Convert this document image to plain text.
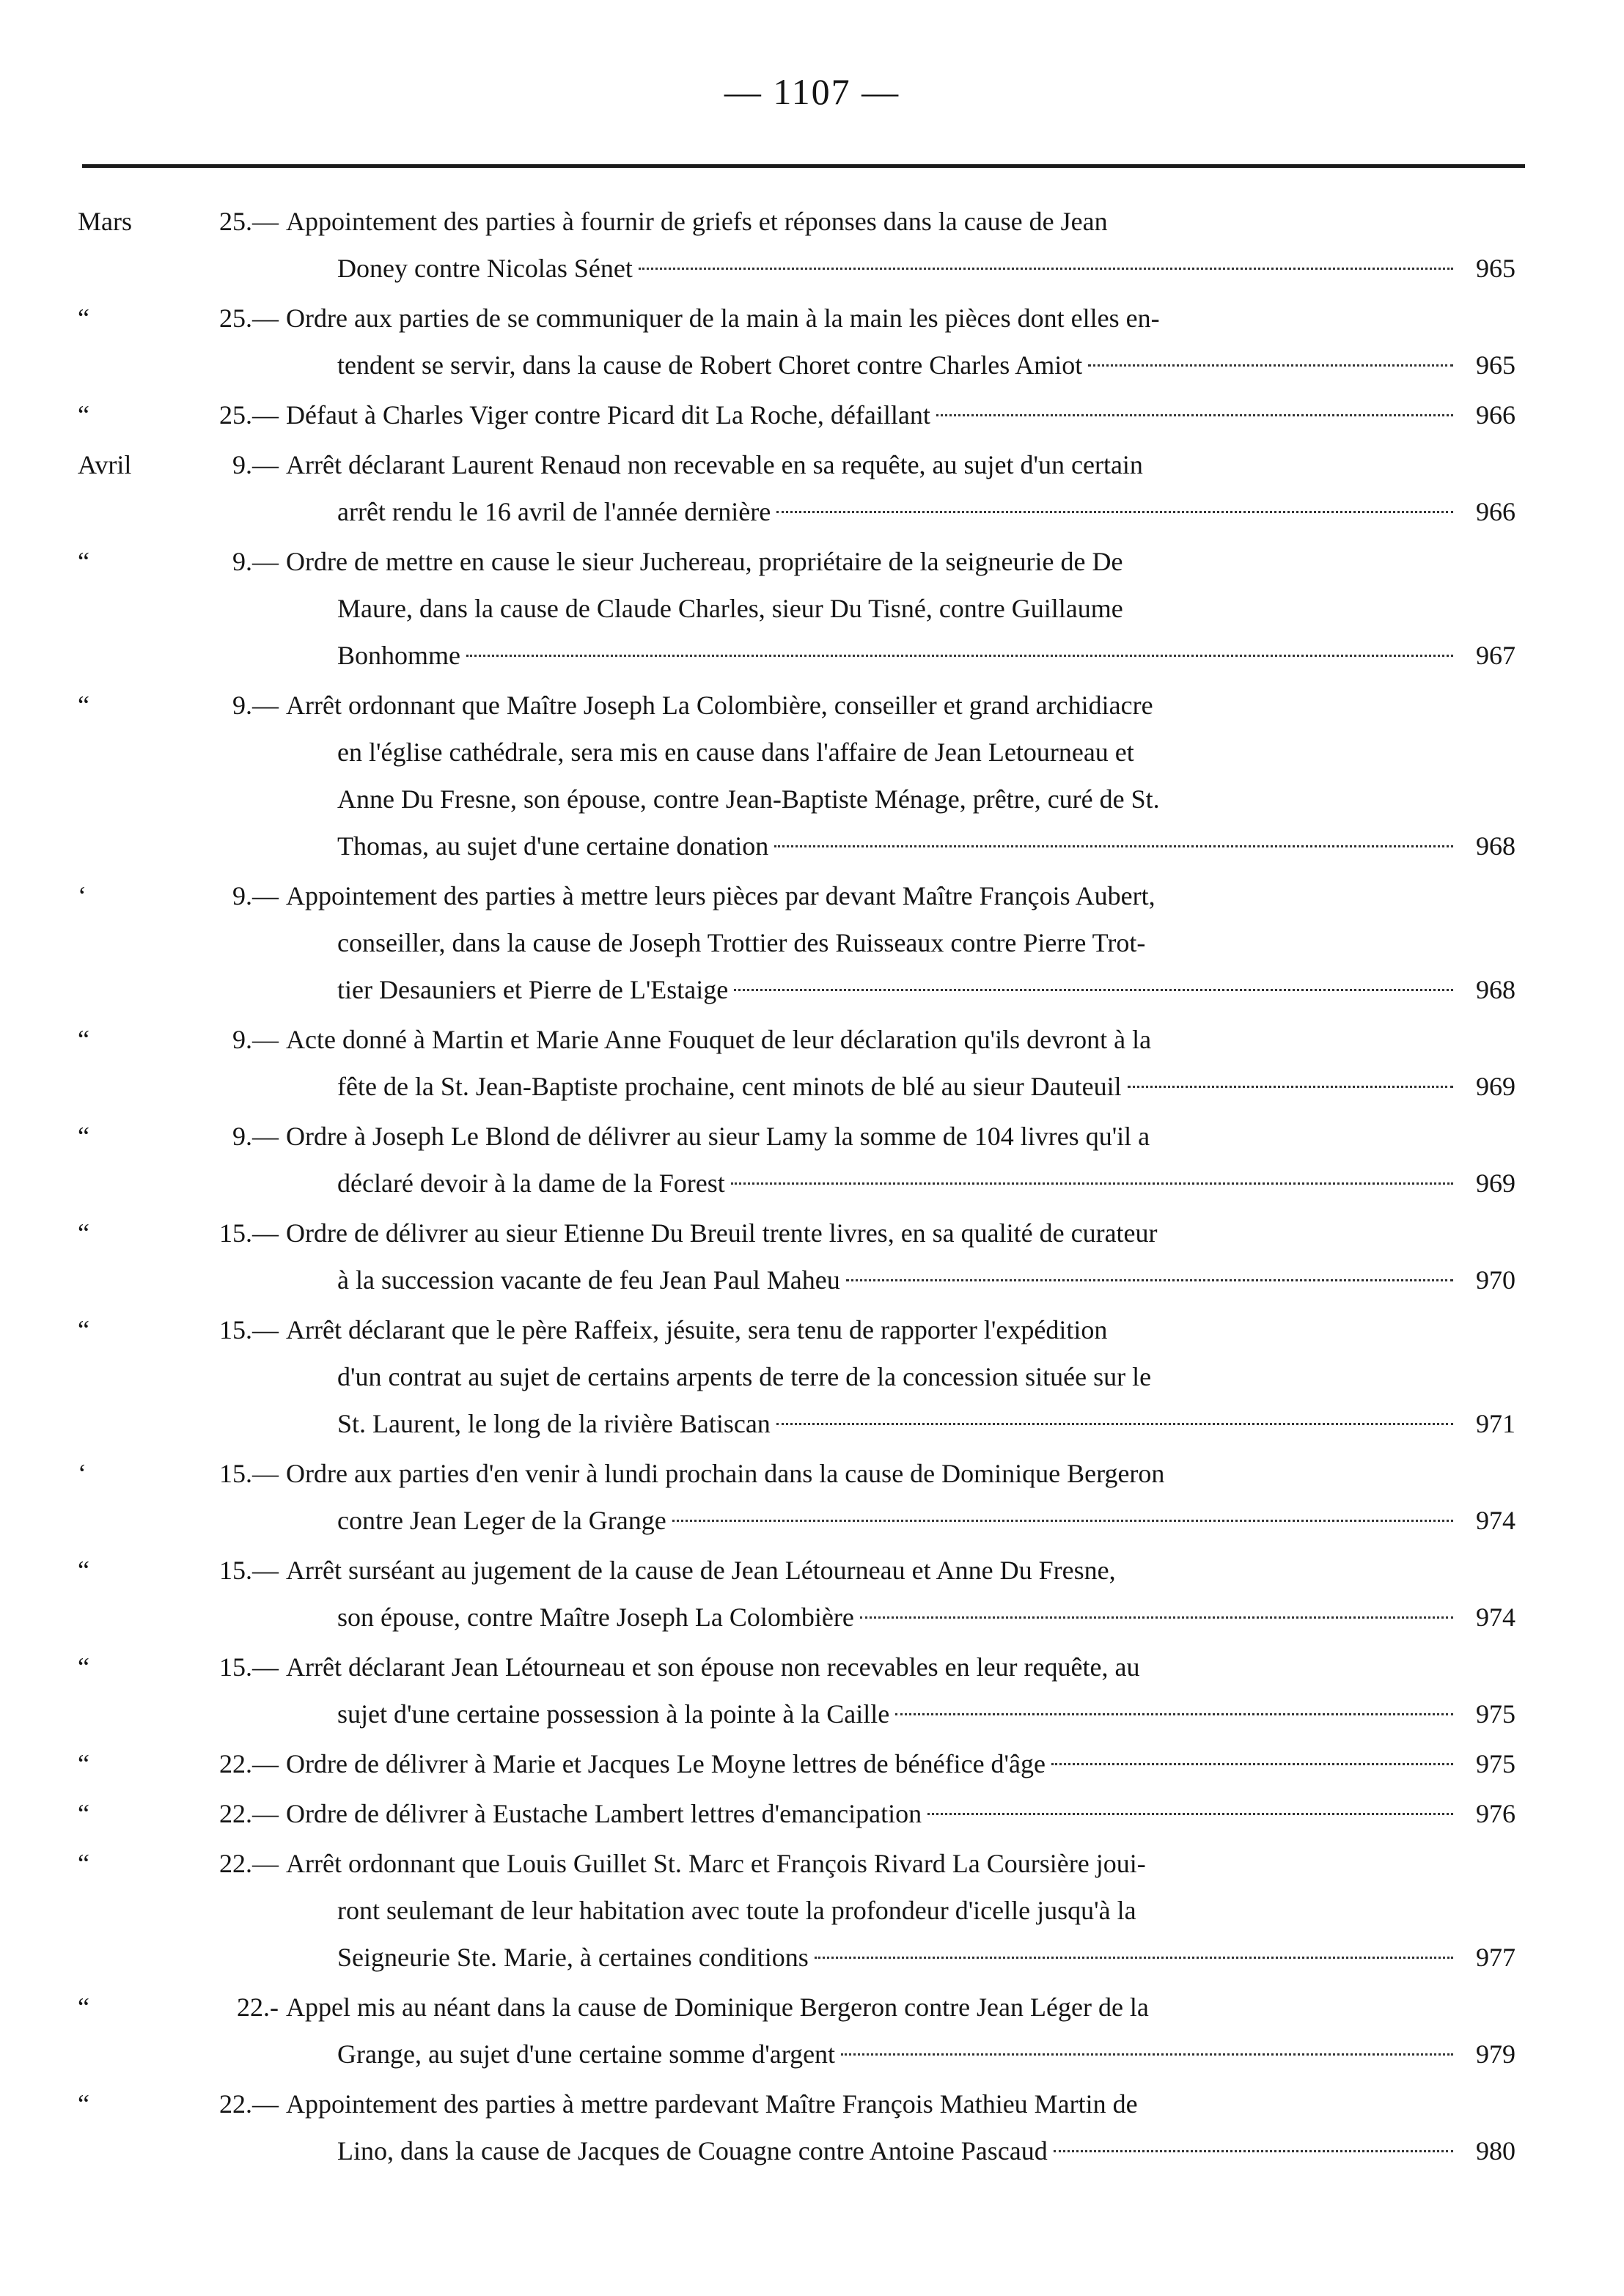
— 1107 —
Mars	25.— Appointement des parties à fournir de griefs et réponses dans la cause de Jean
Doney contre Nicolas Sénet	965
“	25.— Ordre aux parties de se communiquer de la main à la main les pièces dont elles en-
tendent se servir, dans la cause de Robert Choret contre Charles Amiot	965
“	25.— Défaut à Charles Viger contre Picard dit La Roche, défaillant	966
Avril	9.— Arrêt déclarant Laurent Renaud non recevable en sa requête, au sujet d'un certain
arrêt rendu le 16 avril de l'année dernière	966
“	9.— Ordre de mettre en cause le sieur Juchereau, propriétaire de la seigneurie de De
Maure, dans la cause de Claude Charles, sieur Du Tisné, contre Guillaume
Bonhomme	967
“	9.— Arrêt ordonnant que Maître Joseph La Colombière, conseiller et grand archidiacre
en l'église cathédrale, sera mis en cause dans l'affaire de Jean Letourneau et
Anne Du Fresne, son épouse, contre Jean-Baptiste Ménage, prêtre, curé de St.
Thomas, au sujet d'une certaine donation	968
‘	9.— Appointement des parties à mettre leurs pièces par devant Maître François Aubert,
conseiller, dans la cause de Joseph Trottier des Ruisseaux contre Pierre Trot-
tier Desauniers et Pierre de L'Estaige	968
“	9.— Acte donné à Martin et Marie Anne Fouquet de leur déclaration qu'ils devront à la
fête de la St. Jean-Baptiste prochaine, cent minots de blé au sieur Dauteuil	969
“	9.— Ordre à Joseph Le Blond de délivrer au sieur Lamy la somme de 104 livres qu'il a
déclaré devoir à la dame de la Forest	969
“	15.— Ordre de délivrer au sieur Etienne Du Breuil trente livres, en sa qualité de curateur
à la succession vacante de feu Jean Paul Maheu	970
“	15.— Arrêt déclarant que le père Raffeix, jésuite, sera tenu de rapporter l'expédition
d'un contrat au sujet de certains arpents de terre de la concession située sur le
St. Laurent, le long de la rivière Batiscan	971
‘	15.— Ordre aux parties d'en venir à lundi prochain dans la cause de Dominique Bergeron
contre Jean Leger de la Grange	974
“	15.— Arrêt surséant au jugement de la cause de Jean Létourneau et Anne Du Fresne,
son épouse, contre Maître Joseph La Colombière	974
“	15.— Arrêt déclarant Jean Létourneau et son épouse non recevables en leur requête, au
sujet d'une certaine possession à la pointe à la Caille	975
“	22.— Ordre de délivrer à Marie et Jacques Le Moyne lettres de bénéfice d'âge	975
“	22.— Ordre de délivrer à Eustache Lambert lettres d'emancipation	976
“	22.— Arrêt ordonnant que Louis Guillet St. Marc et François Rivard La Coursière joui-
ront seulemant de leur habitation avec toute la profondeur d'icelle jusqu'à la
Seigneurie Ste. Marie, à certaines conditions	977
“	22.- Appel mis au néant dans la cause de Dominique Bergeron contre Jean Léger de la
Grange, au sujet d'une certaine somme d'argent	979
“	22.— Appointement des parties à mettre pardevant Maître François Mathieu Martin de
Lino, dans la cause de Jacques de Couagne contre Antoine Pascaud	980
